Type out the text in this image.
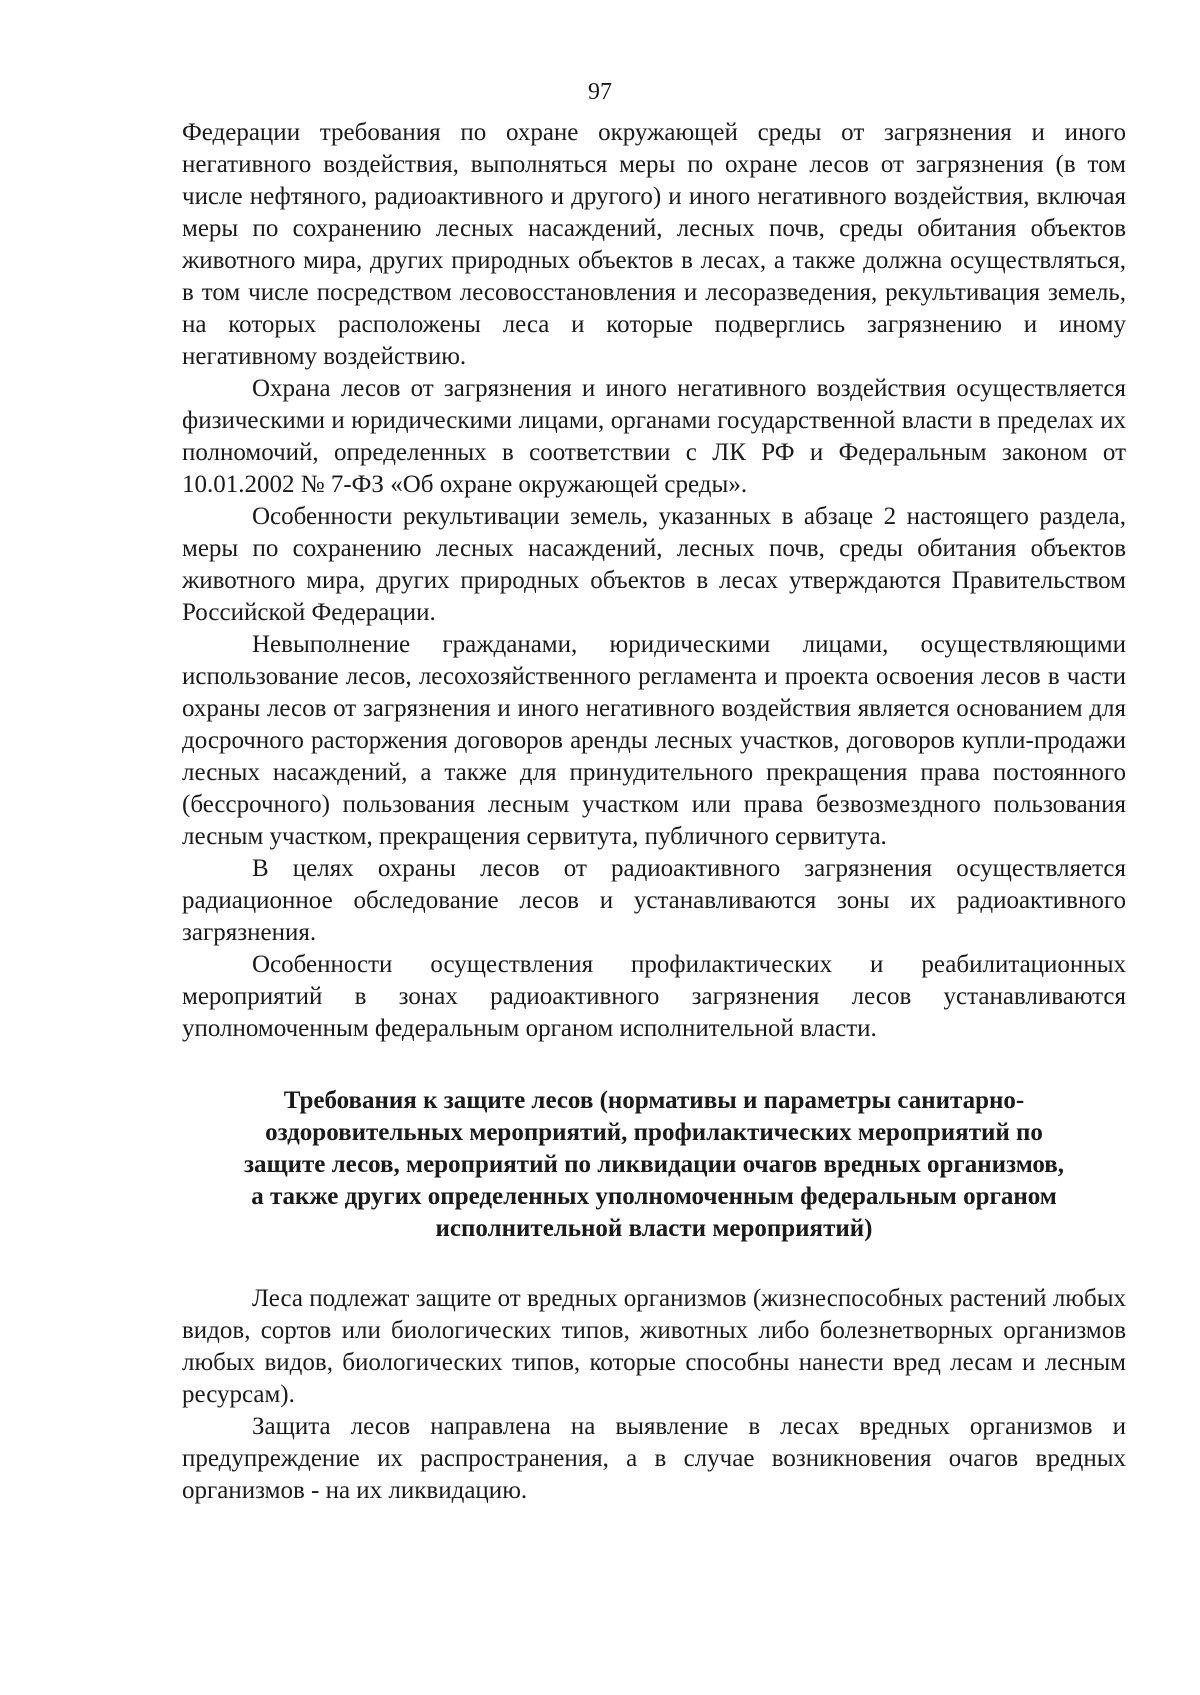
97

Федерации требования по охране окружающей среды от загрязнения и иного негативного воздействия, выполняться меры по охране лесов от загрязнения (в том числе нефтяного, радиоактивного и другого) и иного негативного воздействия, включая меры по сохранению лесных насаждений, лесных почв, среды обитания объектов животного мира, других природных объектов в лесах, а также должна осуществляться, в том числе посредством лесовосстановления и лесоразведения, рекультивация земель, на которых расположены леса и которые подверглись загрязнению и иному негативному воздействию.

Охрана лесов от загрязнения и иного негативного воздействия осуществляется физическими и юридическими лицами, органами государственной власти в пределах их полномочий, определенных в соответствии с ЛК РФ и Федеральным законом от 10.01.2002 № 7-ФЗ «Об охране окружающей среды».

Особенности рекультивации земель, указанных в абзаце 2 настоящего раздела, меры по сохранению лесных насаждений, лесных почв, среды обитания объектов животного мира, других природных объектов в лесах утверждаются Правительством Российской Федерации.

Невыполнение гражданами, юридическими лицами, осуществляющими использование лесов, лесохозяйственного регламента и проекта освоения лесов в части охраны лесов от загрязнения и иного негативного воздействия является основанием для досрочного расторжения договоров аренды лесных участков, договоров купли-продажи лесных насаждений, а также для принудительного прекращения права постоянного (бессрочного) пользования лесным участком или права безвозмездного пользования лесным участком, прекращения сервитута, публичного сервитута.

В целях охраны лесов от радиоактивного загрязнения осуществляется радиационное обследование лесов и устанавливаются зоны их радиоактивного загрязнения.

Особенности осуществления профилактических и реабилитационных мероприятий в зонах радиоактивного загрязнения лесов устанавливаются уполномоченным федеральным органом исполнительной власти.

Требования к защите лесов (нормативы и параметры санитарно-
оздоровительных мероприятий, профилактических мероприятий по
защите лесов, мероприятий по ликвидации очагов вредных организмов,
а также других определенных уполномоченным федеральным органом
исполнительной власти мероприятий)

Леса подлежат защите от вредных организмов (жизнеспособных растений любых видов, сортов или биологических типов, животных либо болезнетворных организмов любых видов, биологических типов, которые способны нанести вред лесам и лесным ресурсам).

Защита лесов направлена на выявление в лесах вредных организмов и предупреждение их распространения, а в случае возникновения очагов вредных организмов - на их ликвидацию.
